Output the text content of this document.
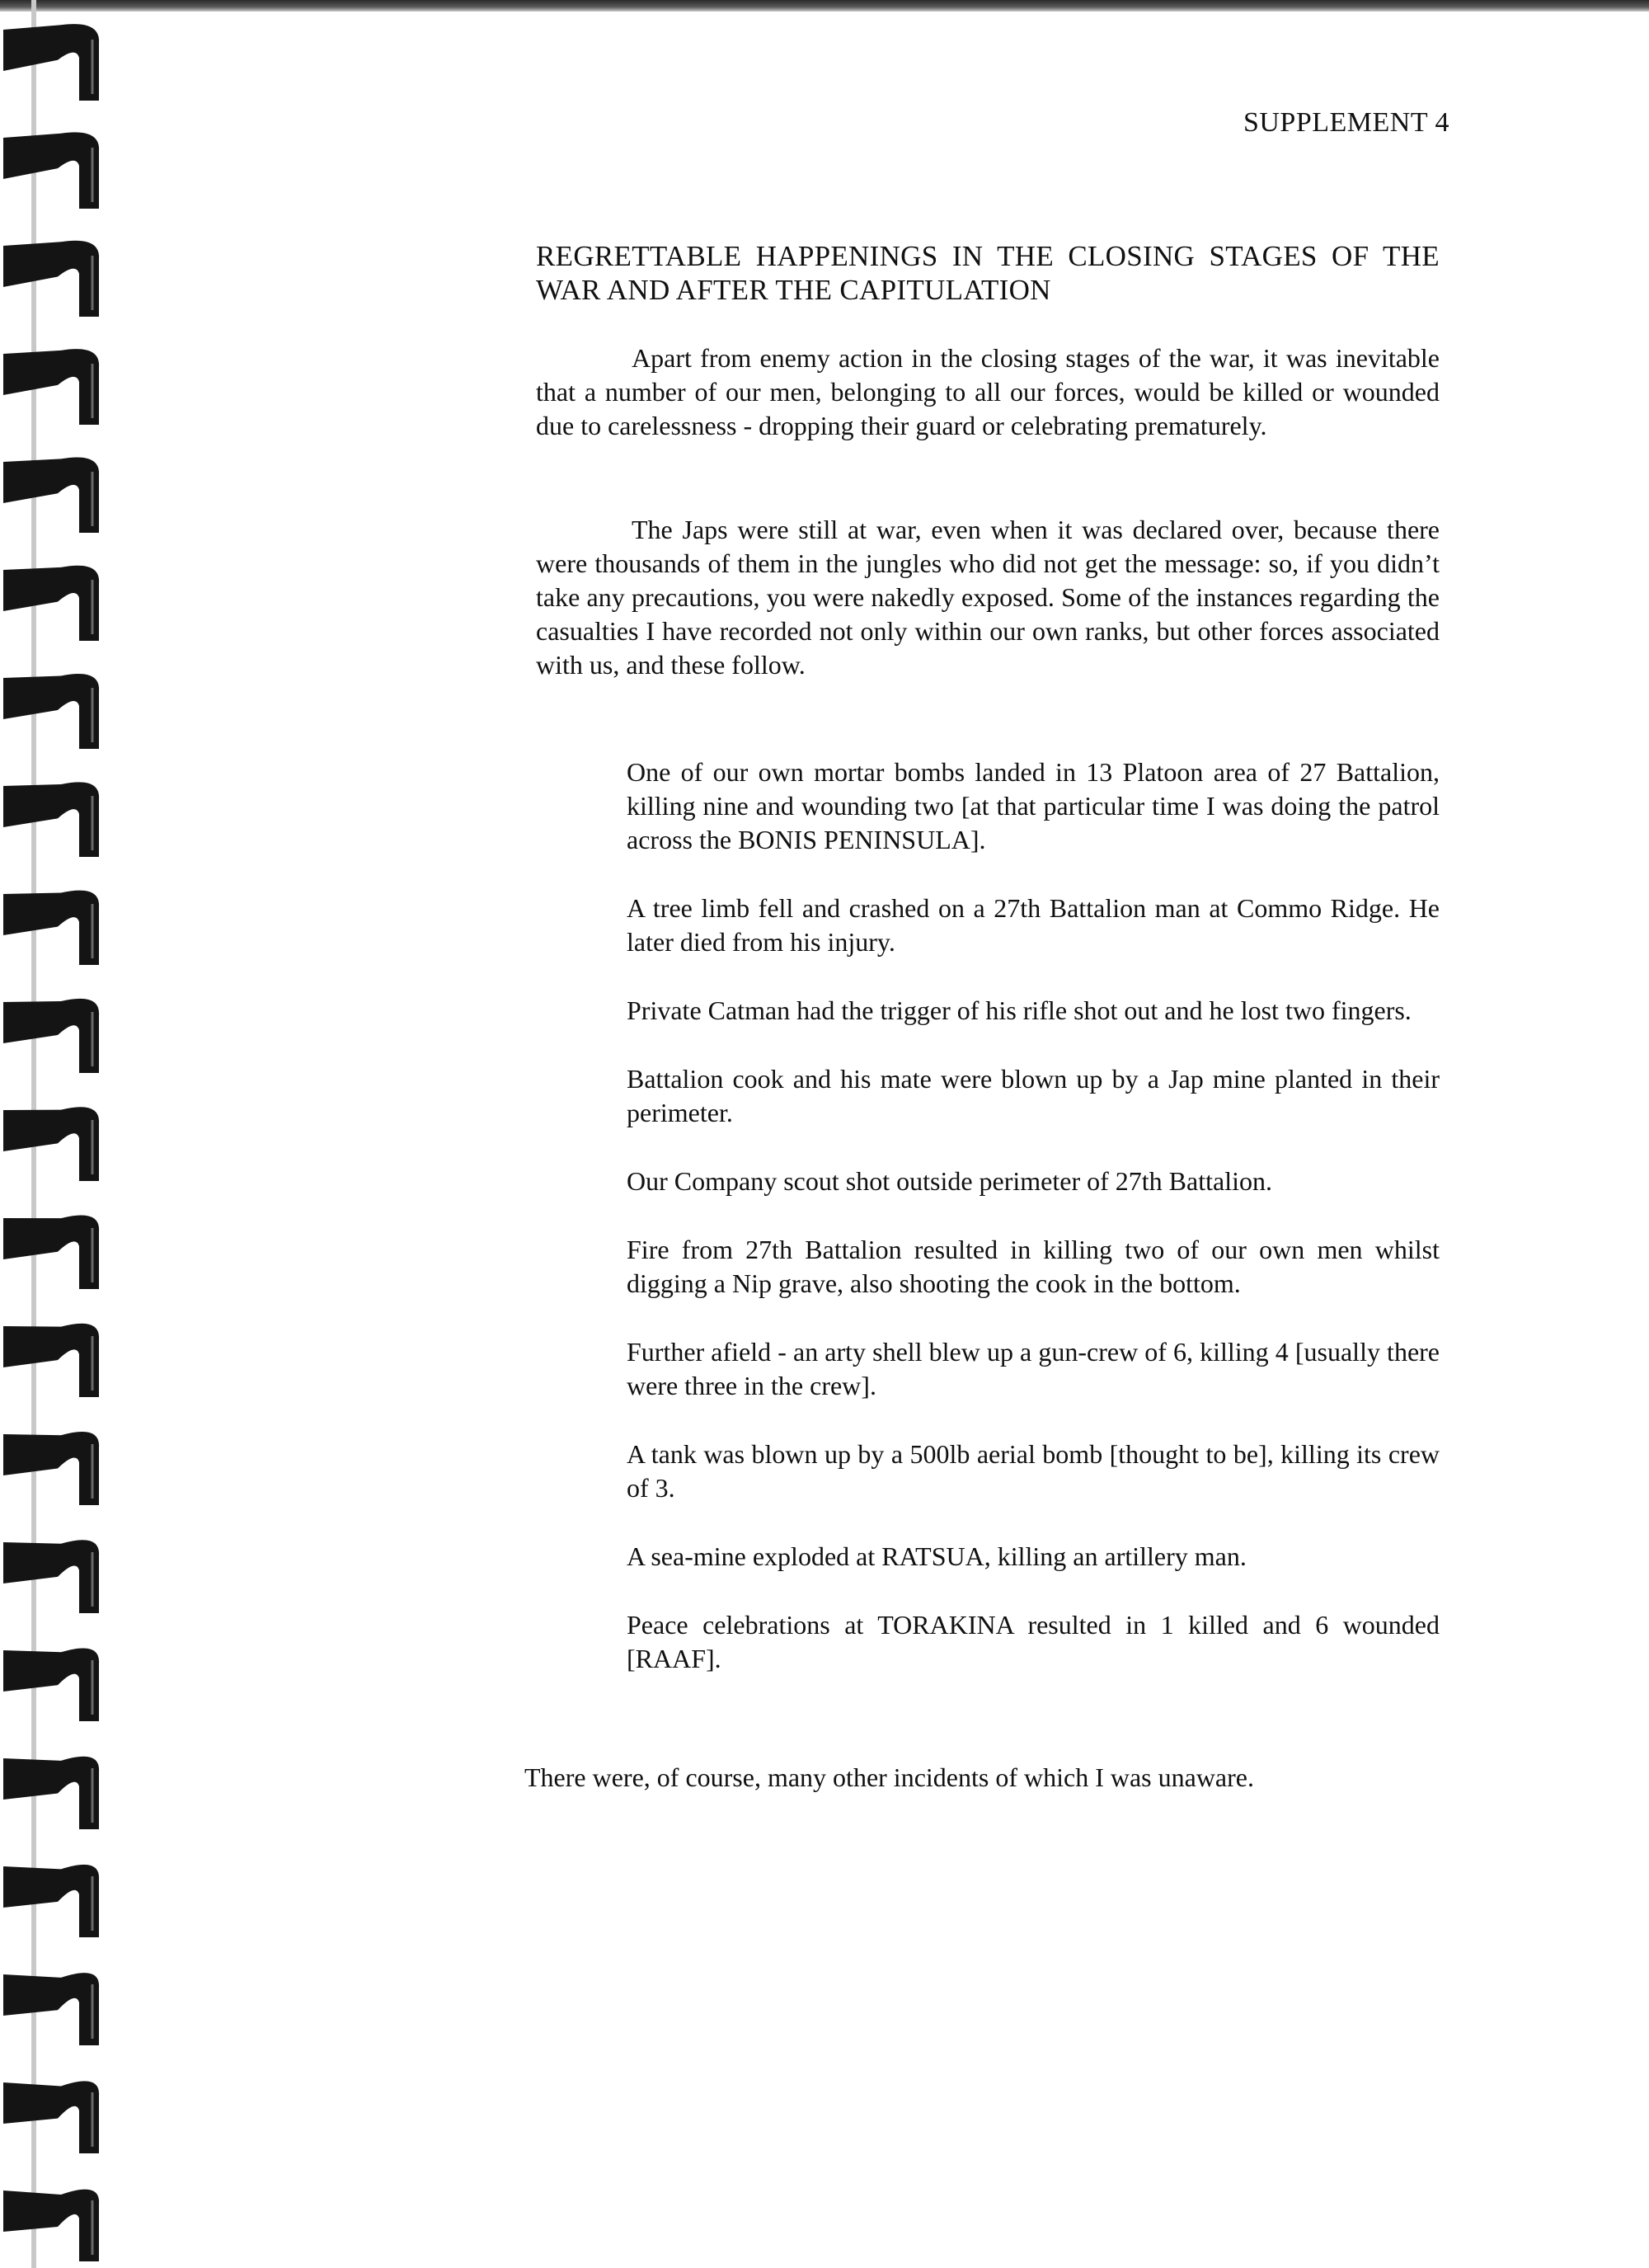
SUPPLEMENT 4
REGRETTABLE HAPPENINGS IN THE CLOSING STAGES OF THE WAR AND AFTER THE CAPITULATION

Apart from enemy action in the closing stages of the war, it was inevitable that a number of our men, belonging to all our forces, would be killed or wounded due to carelessness - dropping their guard or celebrating prematurely.

The Japs were still at war, even when it was declared over, because there were thousands of them in the jungles who did not get the message: so, if you didn’t take any precautions, you were nakedly exposed. Some of the instances regarding the casualties I have recorded not only within our own ranks, but other forces associated with us, and these follow.

One of our own mortar bombs landed in 13 Platoon area of 27 Battalion, killing nine and wounding two [at that particular time I was doing the patrol across the BONIS PENINSULA].
A tree limb fell and crashed on a 27th Battalion man at Commo Ridge. He later died from his injury.
Private Catman had the trigger of his rifle shot out and he lost two fingers.
Battalion cook and his mate were blown up by a Jap mine planted in their perimeter.
Our Company scout shot outside perimeter of 27th Battalion.
Fire from 27th Battalion resulted in killing two of our own men whilst digging a Nip grave, also shooting the cook in the bottom.
Further afield - an arty shell blew up a gun-crew of 6, killing 4 [usually there were three in the crew].
A tank was blown up by a 500lb aerial bomb [thought to be], killing its crew of 3.
A sea-mine exploded at RATSUA, killing an artillery man.
Peace celebrations at TORAKINA resulted in 1 killed and 6 wounded [RAAF].

There were, of course, many other incidents of which I was unaware.
